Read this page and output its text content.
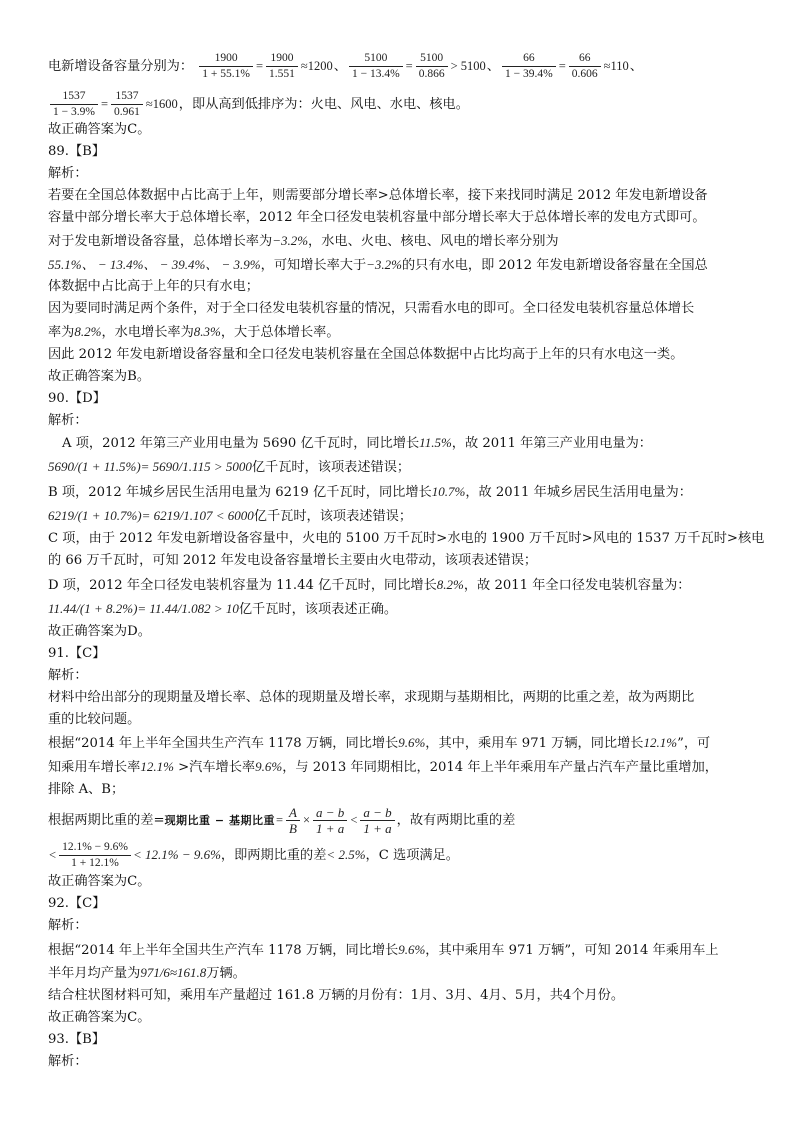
电新增设备容量分别为： $\frac{1900}{1 + 55.1\%} = \frac{1900}{1.551} \approx 1200$、 $\frac{5100}{1 - 13.4\%} = \frac{5100}{0.866} > 5100$、 $\frac{66}{1 - 39.4\%} = \frac{66}{0.606} \approx 110$、
$\frac{1537}{1 - 3.9\%} = \frac{1537}{0.961} \approx 1600$，即从高到低排序为：火电、风电、水电、核电。
故正确答案为C。
89.【B】
解析：
若要在全国总体数据中占比高于上年，则需要部分增长率>总体增长率，接下来找同时满足 2012 年发电新增设备
容量中部分增长率大于总体增长率，2012 年全口径发电装机容量中部分增长率大于总体增长率的发电方式即可。
对于发电新增设备容量，总体增长率为−3.2%，水电、火电、核电、风电的增长率分别为
55.1%、 − 13.4%、 − 39.4%、 − 3.9%，可知增长率大于−3.2%的只有水电，即 2012 年发电新增设备容量在全国总
体数据中占比高于上年的只有水电；
因为要同时满足两个条件，对于全口径发电装机容量的情况，只需看水电的即可。全口径发电装机容量总体增长
率为8.2%，水电增长率为8.3%，大于总体增长率。
因此 2012 年发电新增设备容量和全口径发电装机容量在全国总体数据中占比均高于上年的只有水电这一类。
故正确答案为B。
90.【D】
解析：
A 项，2012 年第三产业用电量为 5690 亿千瓦时，同比增长11.5%，故 2011 年第三产业用电量为：
5690/(1 + 11.5%)= 5690/1.115 > 5000亿千瓦时，该项表述错误；
B 项，2012 年城乡居民生活用电量为 6219 亿千瓦时，同比增长10.7%，故 2011 年城乡居民生活用电量为：
6219/(1 + 10.7%)= 6219/1.107 < 6000亿千瓦时，该项表述错误；
C 项，由于 2012 年发电新增设备容量中，火电的 5100 万千瓦时>水电的 1900 万千瓦时>风电的 1537 万千瓦时>核电
的 66 万千瓦时，可知 2012 年发电设备容量增长主要由火电带动，该项表述错误；
D 项，2012 年全口径发电装机容量为 11.44 亿千瓦时，同比增长8.2%，故 2011 年全口径发电装机容量为：
11.44/(1 + 8.2%)= 11.44/1.082 > 10亿千瓦时，该项表述正确。
故正确答案为D。
91.【C】
解析：
材料中给出部分的现期量及增长率、总体的现期量及增长率，求现期与基期相比，两期的比重之差，故为两期比
重的比较问题。
根据“2014 年上半年全国共生产汽车 1178 万辆，同比增长9.6%，其中，乘用车 971 万辆，同比增长12.1%”，可
知乘用车增长率12.1% >汽车增长率9.6%，与 2013 年同期相比，2014 年上半年乘用车产量占汽车产量比重增加，
排除 A、B；
根据两期比重的差=现期比重 − 基期比重= $\frac{A}{B} \times \frac{a - b}{1 + a} < \frac{a - b}{1 + a}$ ，故有两期比重的差
< $\frac{12.1\% - 9.6\%}{1 + 12.1\%} < 12.1\% - 9.6\%$，即两期比重的差< 2.5%，C 选项满足。
故正确答案为C。
92.【C】
解析：
根据“2014 年上半年全国共生产汽车 1178 万辆，同比增长9.6%，其中乘用车 971 万辆”，可知 2014 年乘用车上
半年月均产量为971/6≈161.8万辆。
结合柱状图材料可知，乘用车产量超过 161.8 万辆的月份有：1月、3月、4月、5月，共4个月份。
故正确答案为C。
93.【B】
解析：
